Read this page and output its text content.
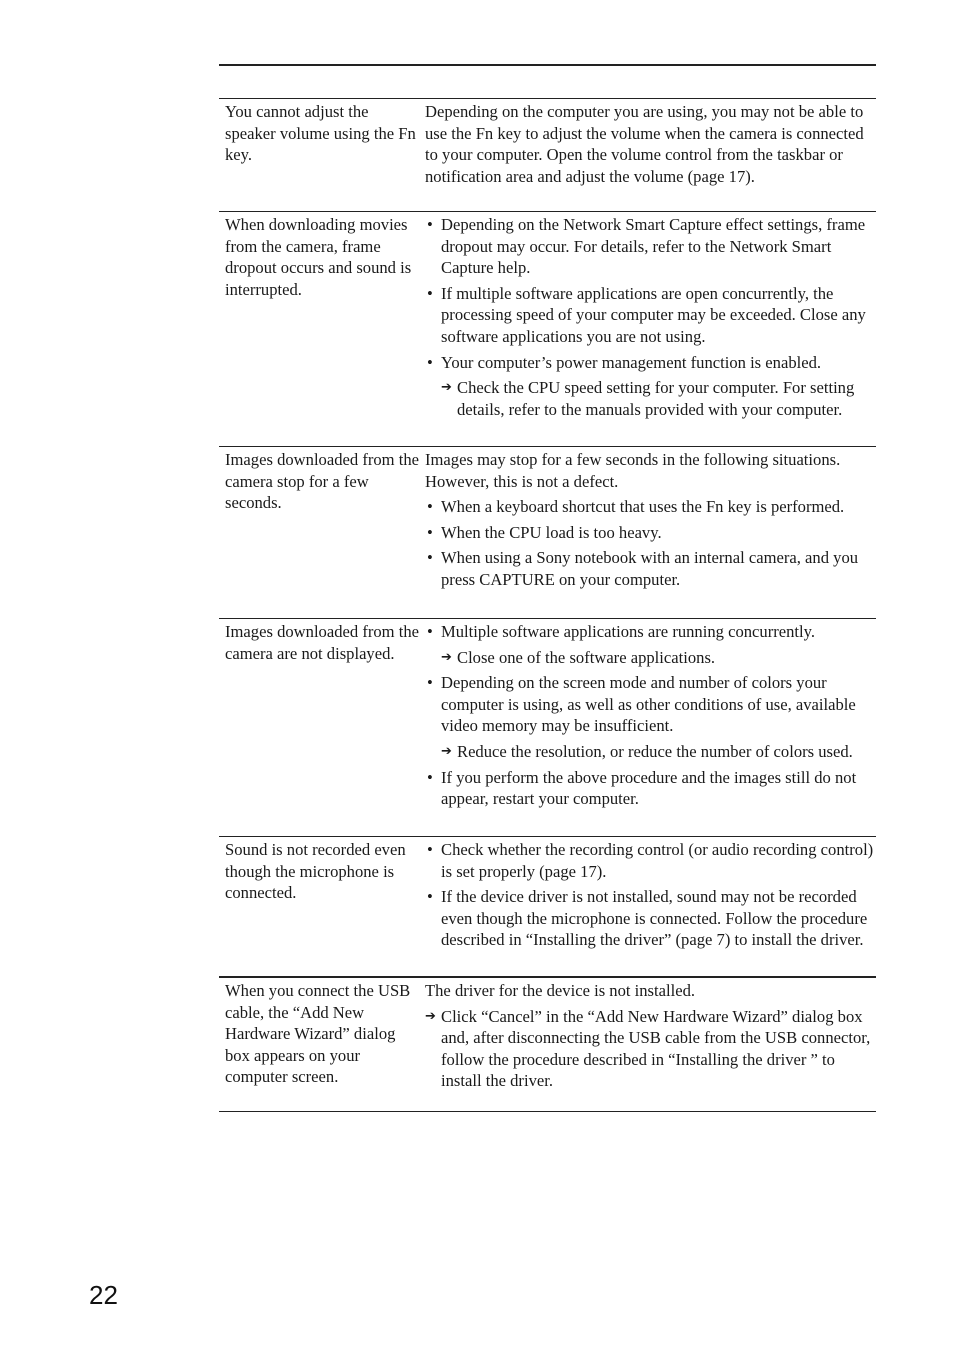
You cannot adjust the speaker volume using the Fn key.

Depending on the computer you are using, you may not be able to use the Fn key to adjust the volume when the camera is connected to your computer. Open the volume control from the taskbar or notification area and adjust the volume (page 17).

When downloading movies from the camera, frame dropout occurs and sound is interrupted.
• Depending on the Network Smart Capture effect settings, frame dropout may occur. For details, refer to the Network Smart Capture help.
• If multiple software applications are open concurrently, the processing speed of your computer may be exceeded. Close any software applications you are not using.
• Your computer’s power management function is enabled.
➔ Check the CPU speed setting for your computer. For setting details, refer to the manuals provided with your computer.
Images downloaded from the camera stop for a few seconds.

Images may stop for a few seconds in the following situations. However, this is not a defect.

• When a keyboard shortcut that uses the Fn key is performed.
• When the CPU load is too heavy.
• When using a Sony notebook with an internal camera, and you press CAPTURE on your computer.
Images downloaded from the camera are not displayed.
• Multiple software applications are running concurrently.
➔ Close one of the software applications.
• Depending on the screen mode and number of colors your computer is using, as well as other conditions of use, available video memory may be insufficient.
➔ Reduce the resolution, or reduce the number of colors used.
• If you perform the above procedure and the images still do not appear, restart your computer.
Sound is not recorded even though the microphone is connected.
• Check whether the recording control (or audio recording control) is set properly (page 17).
• If the device driver is not installed, sound may not be recorded even though the microphone is connected. Follow the procedure described in “Installing the driver” (page 7) to install the driver.
When you connect the USB cable, the “Add New Hardware Wizard” dialog box appears on your computer screen.

The driver for the device is not installed.

➔ Click “Cancel” in the “Add New Hardware Wizard” dialog box and, after disconnecting the USB cable from the USB connector, follow the procedure described in “Installing the driver ” to install the driver.
22
